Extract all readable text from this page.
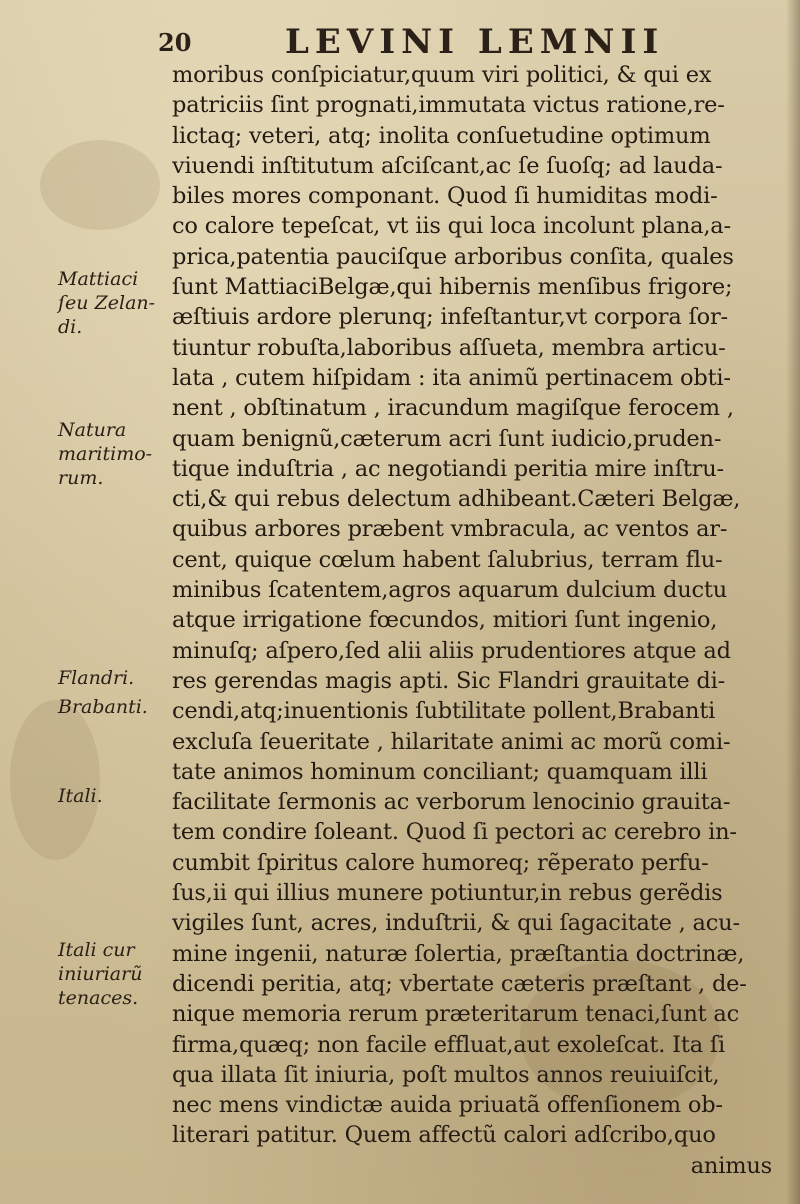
20	LEVINI LEMNII
moribus conſpiciatur,quum viri politici, & qui ex
patriciis ſint prognati,immutata victus ratione,re-
lictaq; veteri, atq; inolita conſuetudine optimum
viuendi inſtitutum aſciſcant,ac ſe ſuoſq; ad lauda-
biles mores componant. Quod ſi humiditas modi-
co calore tepeſcat, vt iis qui loca incolunt plana,a-
prica,patentia pauciſque arboribus conſita, quales
ſunt MattiaciBelgæ,qui hibernis menſibus frigore;
æſtiuis ardore plerunq; infeſtantur,vt corpora ſor-
tiuntur robuſta,laboribus aſſueta, membra articu-
lata , cutem hiſpidam : ita animũ pertinacem obti-
nent , obſtinatum , iracundum magiſque ferocem ,
quam benignũ,cæterum acri ſunt iudicio,pruden-
tique induſtria , ac negotiandi peritia mire inſtru-
cti,& qui rebus delectum adhibeant.Cæteri Belgæ,
quibus arbores præbent vmbracula, ac ventos ar-
cent, quique cœlum habent ſalubrius, terram flu-
minibus ſcatentem,agros aquarum dulcium ductu
atque irrigatione fœcundos, mitiori ſunt ingenio,
minuſq; aſpero,ſed alii aliis prudentiores atque ad
res gerendas magis apti. Sic Flandri grauitate di-
cendi,atq;inuentionis ſubtilitate pollent,Brabanti
excluſa ſeueritate , hilaritate animi ac morũ comi-
tate animos hominum conciliant; quamquam illi
facilitate ſermonis ac verborum lenocinio grauita-
tem condire ſoleant. Quod ſi pectori ac cerebro in-
cumbit ſpiritus calore humoreq; rẽperato perfu-
ſus,ii qui illius munere potiuntur,in rebus gerẽdis
vigiles ſunt, acres, induſtrii, & qui ſagacitate , acu-
mine ingenii, naturæ ſolertia, præſtantia doctrinæ,
dicendi peritia, atq; vbertate cæteris præſtant , de-
nique memoria rerum præteritarum tenaci,ſunt ac
firma,quæq; non facile effluat,aut exoleſcat. Ita ſi
qua illata ſit iniuria, poſt multos annos reuiuiſcit,
nec mens vindictæ auida priuatã offenſionem ob-
literari patitur. Quem affectũ calori adſcribo,quo
animus
Mattiaci
ſeu Zelan-
di.
Natura
maritimo-
rum.
Flandri.
Brabanti.
Itali.
Itali cur
iniuriarũ
tenaces.
